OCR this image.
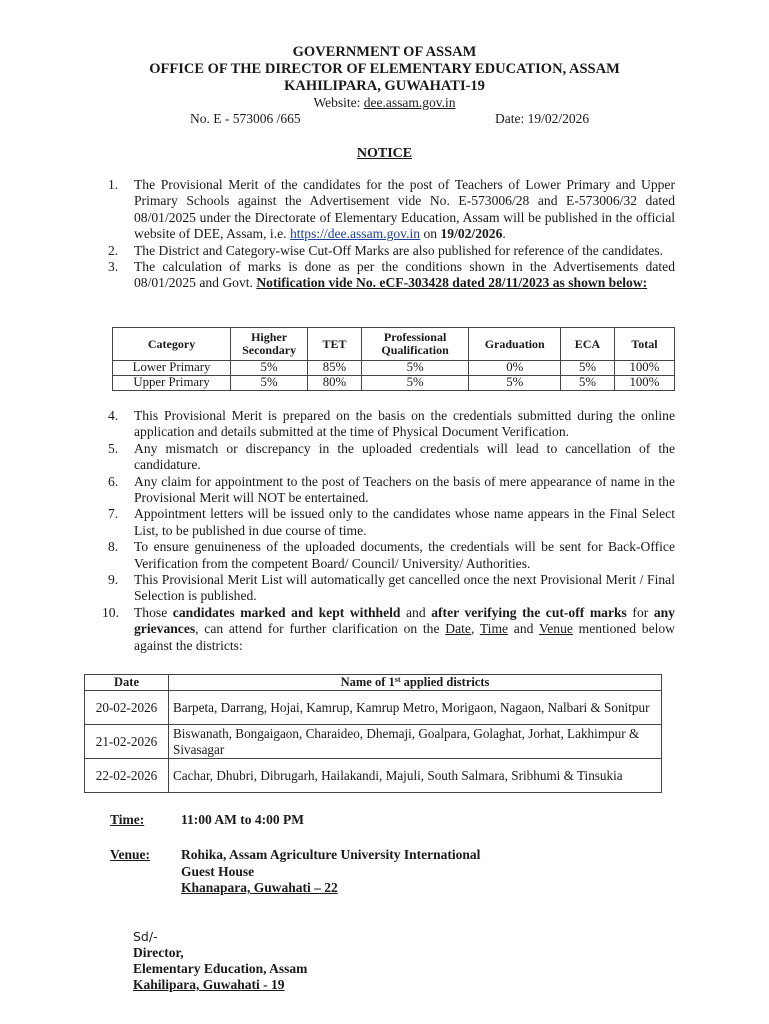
GOVERNMENT OF ASSAM
OFFICE OF THE DIRECTOR OF ELEMENTARY EDUCATION, ASSAM
KAHILIPARA, GUWAHATI-19
Website: dee.assam.gov.in
No. E - 573006 /665	Date: 19/02/2026
NOTICE
1. The Provisional Merit of the candidates for the post of Teachers of Lower Primary and Upper Primary Schools against the Advertisement vide No. E-573006/28 and E-573006/32 dated 08/01/2025 under the Directorate of Elementary Education, Assam will be published in the official website of DEE, Assam, i.e. https://dee.assam.gov.in on 19/02/2026.
2. The District and Category-wise Cut-Off Marks are also published for reference of the candidates.
3. The calculation of marks is done as per the conditions shown in the Advertisements dated 08/01/2025 and Govt. Notification vide No. eCF-303428 dated 28/11/2023 as shown below:
Category	Higher Secondary	TET	Professional Qualification	Graduation	ECA	Total
Lower Primary	5%	85%	5%	0%	5%	100%
Upper Primary	5%	80%	5%	5%	5%	100%
4. This Provisional Merit is prepared on the basis on the credentials submitted during the online application and details submitted at the time of Physical Document Verification.
5. Any mismatch or discrepancy in the uploaded credentials will lead to cancellation of the candidature.
6. Any claim for appointment to the post of Teachers on the basis of mere appearance of name in the Provisional Merit will NOT be entertained.
7. Appointment letters will be issued only to the candidates whose name appears in the Final Select List, to be published in due course of time.
8. To ensure genuineness of the uploaded documents, the credentials will be sent for Back-Office Verification from the competent Board/ Council/ University/ Authorities.
9. This Provisional Merit List will automatically get cancelled once the next Provisional Merit / Final Selection is published.
10. Those candidates marked and kept withheld and after verifying the cut-off marks for any grievances, can attend for further clarification on the Date, Time and Venue mentioned below against the districts:
Date	Name of 1st applied districts
20-02-2026	Barpeta, Darrang, Hojai, Kamrup, Kamrup Metro, Morigaon, Nagaon, Nalbari & Sonitpur
21-02-2026	Biswanath, Bongaigaon, Charaideo, Dhemaji, Goalpara, Golaghat, Jorhat, Lakhimpur & Sivasagar
22-02-2026	Cachar, Dhubri, Dibrugarh, Hailakandi, Majuli, South Salmara, Sribhumi & Tinsukia
Time:	11:00 AM to 4:00 PM
Venue: Rohika, Assam Agriculture University International
Guest House
Khanapara, Guwahati – 22
Sd/-
Director,
Elementary Education, Assam
Kahilipara, Guwahati - 19
